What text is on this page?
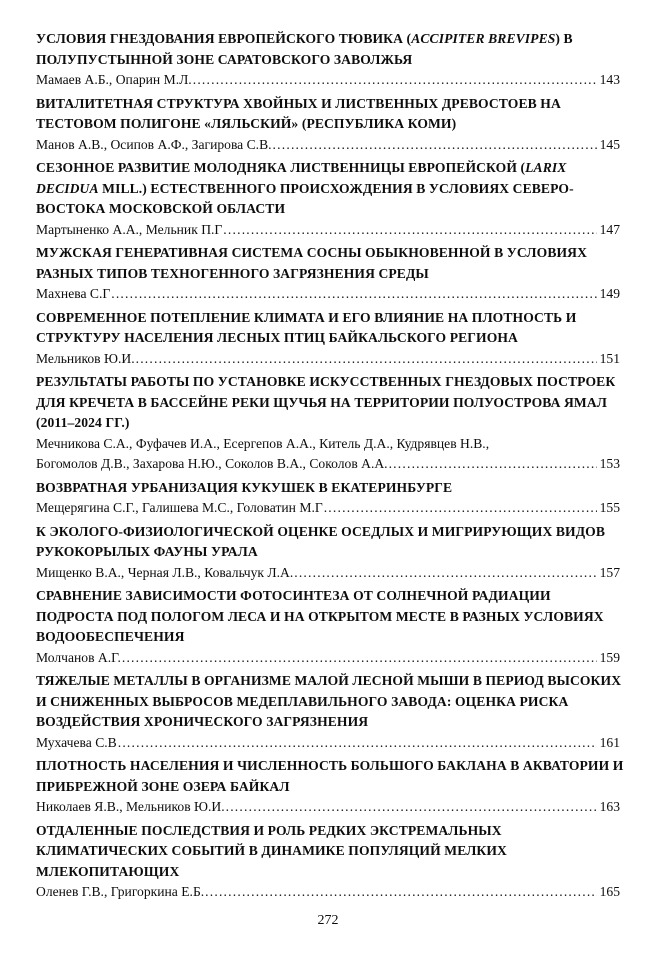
УСЛОВИЯ ГНЕЗДОВАНИЯ ЕВРОПЕЙСКОГО ТЮВИКА (ACCIPITER BREVIPES) В
ПОЛУПУСТЫННОЙ ЗОНЕ САРАТОВСКОГО ЗАВОЛЖЬЯ
Мамаев А.Б., Опарин М.Л. .....	143
ВИТАЛИТЕТНАЯ СТРУКТУРА ХВОЙНЫХ И ЛИСТВЕННЫХ ДРЕВОСТОЕВ НА
ТЕСТОВОМ ПОЛИГОНЕ «ЛЯЛЬСКИЙ» (РЕСПУБЛИКА КОМИ)
Манов А.В., Осипов А.Ф., Загирова С.В. .....	145
СЕЗОННОЕ РАЗВИТИЕ МОЛОДНЯКА ЛИСТВЕННИЦЫ ЕВРОПЕЙСКОЙ (LARIX
DECIDUA MILL.) ЕСТЕСТВЕННОГО ПРОИСХОЖДЕНИЯ В УСЛОВИЯХ СЕВЕРО-
ВОСТОКА МОСКОВСКОЙ ОБЛАСТИ
Мартыненко А.А., Мельник П.Г .....	147
МУЖСКАЯ ГЕНЕРАТИВНАЯ СИСТЕМА СОСНЫ ОБЫКНОВЕННОЙ В УСЛОВИЯХ
РАЗНЫХ ТИПОВ ТЕХНОГЕННОГО ЗАГРЯЗНЕНИЯ СРЕДЫ
Махнева С.Г .....	149
СОВРЕМЕННОЕ ПОТЕПЛЕНИЕ КЛИМАТА И ЕГО ВЛИЯНИЕ НА ПЛОТНОСТЬ И
СТРУКТУРУ НАСЕЛЕНИЯ ЛЕСНЫХ ПТИЦ БАЙКАЛЬСКОГО РЕГИОНА
Мельников Ю.И. .....	151
РЕЗУЛЬТАТЫ РАБОТЫ ПО УСТАНОВКЕ ИСКУССТВЕННЫХ ГНЕЗДОВЫХ ПОСТРОЕК
ДЛЯ КРЕЧЕТА В БАССЕЙНЕ РЕКИ ЩУЧЬЯ НА ТЕРРИТОРИИ ПОЛУОСТРОВА ЯМАЛ
(2011–2024 ГГ.)
Мечникова С.А., Фуфачев И.А., Есергепов А.А., Китель Д.А., Кудрявцев Н.В.,
Богомолов Д.В., Захарова Н.Ю., Соколов В.А., Соколов А.А. .....	153
ВОЗВРАТНАЯ УРБАНИЗАЦИЯ КУКУШЕК В ЕКАТЕРИНБУРГЕ
Мещерягина С.Г., Галишева М.С., Головатин М.Г .....	155
К ЭКОЛОГО-ФИЗИОЛОГИЧЕСКОЙ ОЦЕНКЕ ОСЕДЛЫХ И МИГРИРУЮЩИХ ВИДОВ
РУКОКОРЫЛЫХ ФАУНЫ УРАЛА
Мищенко В.А., Черная Л.В., Ковальчук Л.А. .....	157
СРАВНЕНИЕ ЗАВИСИМОСТИ ФОТОСИНТЕЗА ОТ СОЛНЕЧНОЙ РАДИАЦИИ
ПОДРОСТА ПОД ПОЛОГОМ ЛЕСА И НА ОТКРЫТОМ МЕСТЕ В РАЗНЫХ УСЛОВИЯХ
ВОДООБЕСПЕЧЕНИЯ
Молчанов А.Г. .....	159
ТЯЖЕЛЫЕ МЕТАЛЛЫ В ОРГАНИЗМЕ МАЛОЙ ЛЕСНОЙ МЫШИ В ПЕРИОД ВЫСОКИХ
И СНИЖЕННЫХ ВЫБРОСОВ МЕДЕПЛАВИЛЬНОГО ЗАВОДА: ОЦЕНКА РИСКА
ВОЗДЕЙСТВИЯ ХРОНИЧЕСКОГО ЗАГРЯЗНЕНИЯ
Мухачева С.В .....	161
ПЛОТНОСТЬ НАСЕЛЕНИЯ И ЧИСЛЕННОСТЬ БОЛЬШОГО БАКЛАНА В АКВАТОРИИ И
ПРИБРЕЖНОЙ ЗОНЕ ОЗЕРА БАЙКАЛ
Николаев Я.В., Мельников Ю.И. .....	163
ОТДАЛЕННЫЕ ПОСЛЕДСТВИЯ И РОЛЬ РЕДКИХ ЭКСТРЕМАЛЬНЫХ
КЛИМАТИЧЕСКИХ СОБЫТИЙ В ДИНАМИКЕ ПОПУЛЯЦИЙ МЕЛКИХ
МЛЕКОПИТАЮЩИХ
Оленев Г.В., Григоркина Е.Б. .....	165
272
